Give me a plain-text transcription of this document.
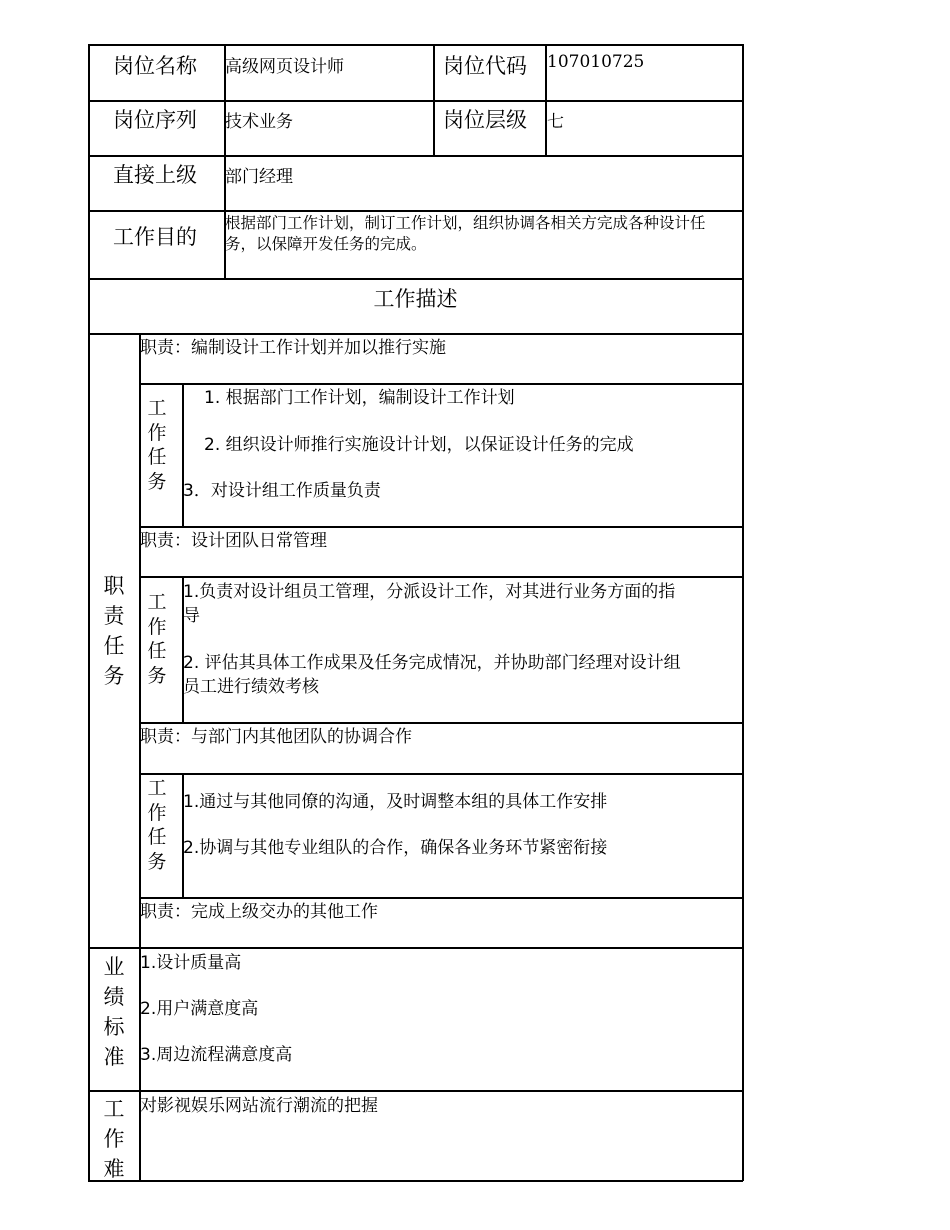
岗位名称 高级网页设计师	岗位代码 107010725
岗位序列 技术业务	岗位层级 七
直接上级 部门经理
工作目的
根据部门工作计划，制订工作计划，组织协调各相关方完成各种设计任
务，以保障开发任务的完成。
工作描述
职责任务
业绩标准
工作难
工作任务
工作任务
工作任务
职责：编制设计工作计划并加以推行实施
1. 根据部门工作计划，编制设计工作计划
2. 组织设计师推行实施设计计划，以保证设计任务的完成
3．对设计组工作质量负责
职责：设计团队日常管理
1.负责对设计组员工管理，分派设计工作，对其进行业务方面的指
导
2. 评估其具体工作成果及任务完成情况，并协助部门经理对设计组
员工进行绩效考核
职责：与部门内其他团队的协调合作
1.通过与其他同僚的沟通，及时调整本组的具体工作安排
2.协调与其他专业组队的合作，确保各业务环节紧密衔接
职责：完成上级交办的其他工作
1.设计质量高
2.用户满意度高
3.周边流程满意度高
对影视娱乐网站流行潮流的把握
